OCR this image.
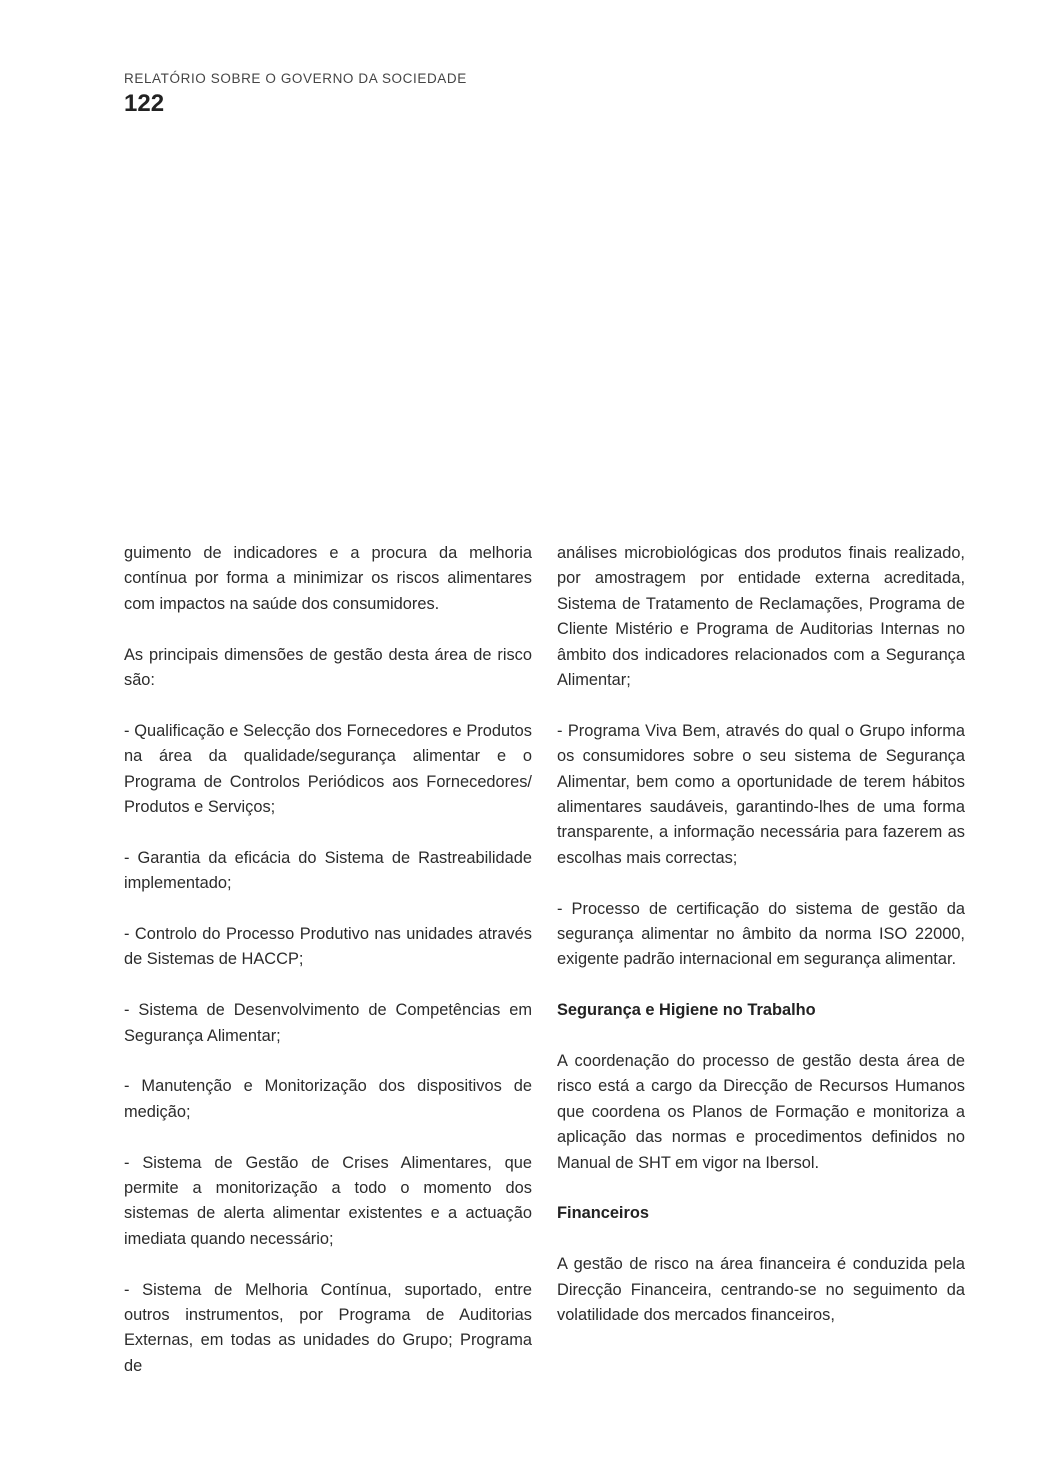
RELATÓRIO SOBRE O GOVERNO DA SOCIEDADE
122

guimento de indicadores e a procura da melhoria contínua por forma a minimizar os riscos alimentares com impactos na saúde dos consumidores.

As principais dimensões de gestão desta área de risco são:

- Qualificação e Selecção dos Fornecedores e Produtos na área da qualidade/segurança alimentar e o Programa de Controlos Periódicos aos Fornecedores/ Produtos e Serviços;

- Garantia da eficácia do Sistema de Rastreabilidade implementado;

- Controlo do Processo Produtivo nas unidades através de Sistemas de HACCP;

- Sistema de Desenvolvimento de Competências em Segurança Alimentar;

- Manutenção e Monitorização dos dispositivos de medição;

- Sistema de Gestão de Crises Alimentares, que permite a monitorização a todo o momento dos sistemas de alerta alimentar existentes e a actuação imediata quando necessário;

- Sistema de Melhoria Contínua, suportado, entre outros instrumentos, por Programa de Auditorias Externas, em todas as unidades do Grupo; Programa de

análises microbiológicas dos produtos finais realizado, por amostragem por entidade externa acreditada, Sistema de Tratamento de Reclamações, Programa de Cliente Mistério e Programa de Auditorias Internas no âmbito dos indicadores relacionados com a Segurança Alimentar;

- Programa Viva Bem, através do qual o Grupo informa os consumidores sobre o seu sistema de Segurança Alimentar, bem como a oportunidade de terem hábitos alimentares saudáveis, garantindo-lhes de uma forma transparente, a informação necessária para fazerem as escolhas mais correctas;

- Processo de certificação do sistema de gestão da segurança alimentar no âmbito da norma ISO 22000, exigente padrão internacional em segurança alimentar.

Segurança e Higiene no Trabalho

A coordenação do processo de gestão desta área de risco está a cargo da Direcção de Recursos Humanos que coordena os Planos de Formação e monitoriza a aplicação das normas e procedimentos definidos no Manual de SHT em vigor na Ibersol.

Financeiros

A gestão de risco na área financeira é conduzida pela Direcção Financeira, centrando-se no seguimento da volatilidade dos mercados financeiros,
